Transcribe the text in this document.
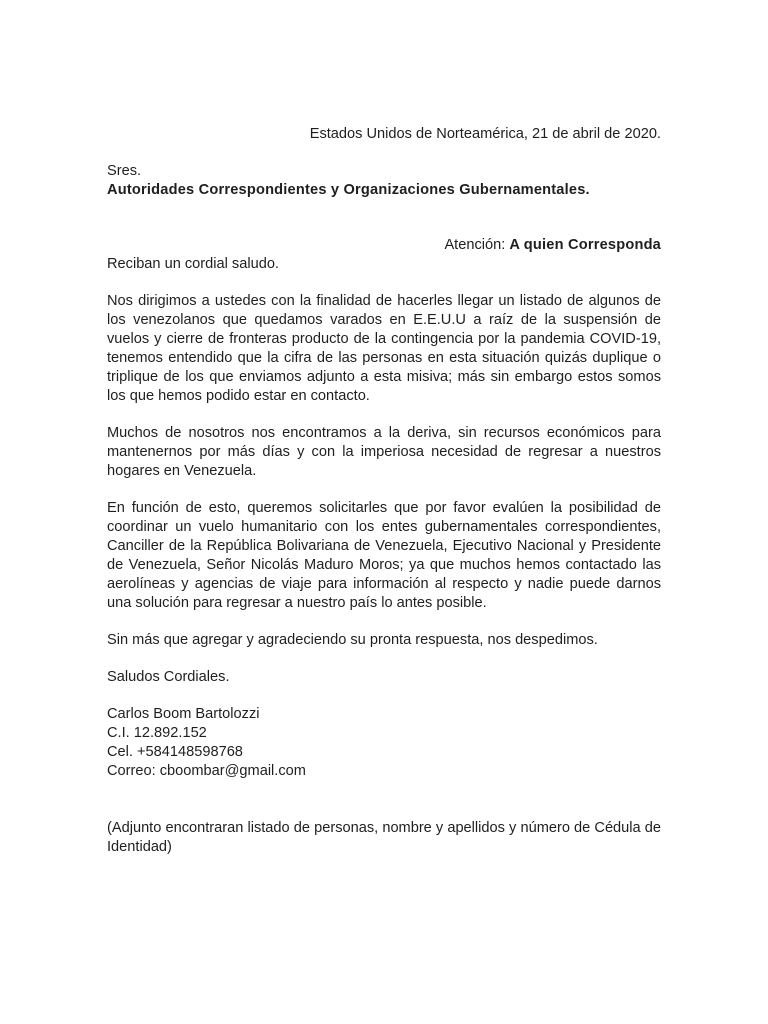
Estados Unidos de Norteamérica, 21 de abril de 2020.

Sres.
Autoridades Correspondientes y Organizaciones Gubernamentales.

Atención: A quien Corresponda

Reciban un cordial saludo.

Nos dirigimos a ustedes con la finalidad de hacerles llegar un listado de algunos de los venezolanos que quedamos varados en E.E.U.U a raíz de la suspensión de vuelos y cierre de fronteras producto de la contingencia por la pandemia COVID-19, tenemos entendido que la cifra de las personas en esta situación quizás duplique o triplique de los que enviamos adjunto a esta misiva; más sin embargo estos somos los que hemos podido estar en contacto.

Muchos de nosotros nos encontramos a la deriva, sin recursos económicos para mantenernos por más días y con la imperiosa necesidad de regresar a nuestros hogares en Venezuela.

En función de esto, queremos solicitarles que por favor evalúen la posibilidad de coordinar un vuelo humanitario con los entes gubernamentales correspondientes, Canciller de la República Bolivariana de Venezuela, Ejecutivo Nacional y Presidente de Venezuela, Señor Nicolás Maduro Moros; ya que muchos hemos contactado las aerolíneas y agencias de viaje para información al respecto y nadie puede darnos una solución para regresar a nuestro país lo antes posible.

Sin más que agregar y agradeciendo su pronta respuesta, nos despedimos.

Saludos Cordiales.

Carlos Boom Bartolozzi
C.I. 12.892.152
Cel. +584148598768
Correo: cboombar@gmail.com

(Adjunto encontraran listado de personas, nombre y apellidos y número de Cédula de Identidad)
